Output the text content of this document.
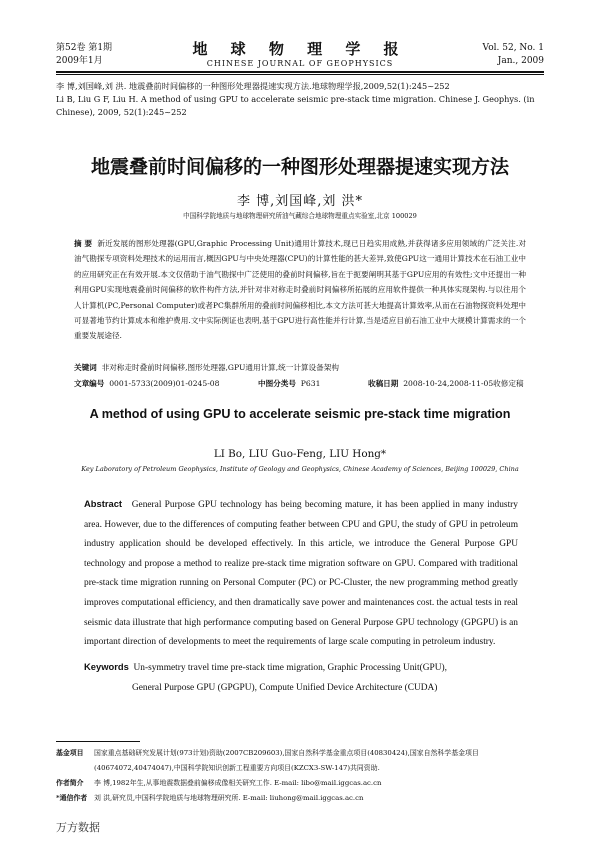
第52卷 第1期
2009年1月
地 球 物 理 学 报
CHINESE JOURNAL OF GEOPHYSICS
Vol. 52, No. 1
Jan., 2009
李 博,刘国峰,刘 洪. 地震叠前时间偏移的一种图形处理器提速实现方法.地球物理学报,2009,52(1):245~252
Li B, Liu G F, Liu H. A method of using GPU to accelerate seismic pre-stack time migration. Chinese J. Geophys. (in
Chinese), 2009, 52(1):245~252
地震叠前时间偏移的一种图形处理器提速实现方法
李 博,刘国峰,刘 洪*
中国科学院地质与地球物理研究所油气藏综合地球物理重点实验室,北京 100029
摘 要 新近发展的图形处理器(GPU,Graphic Processing Unit)通用计算技术,现已日趋实用成熟,并获得诸多应用领域的广泛关注.对油气勘探专项资料处理技术的运用而言,概因GPU与中央处理器(CPU)的计算性能的甚大差异,致使GPU这一通用计算技术在石油工业中的应用研究正在有效开展.本文仅借助于油气勘探中广泛使用的叠前时间偏移,旨在于扼要阐明其基于GPU应用的有效性;文中还提出一种利用GPU实现地震叠前时间偏移的软件构件方法,并针对非对称走时叠前时间偏移所拓展的应用软件提供一种具体实现架构.与以往用个人计算机(PC,Personal Computer)或者PC集群所用的叠前时间偏移相比,本文方法可甚大地提高计算效率,从而在石油物探资料处理中可显著地节约计算成本和维护费用.文中实际例证也表明,基于GPU进行高性能并行计算,当是适应目前石油工业中大规模计算需求的一个重要发展途径.
关键词 非对称走时叠前时间偏移,图形处理器,GPU通用计算,统一计算设备架构
文章编号 0001-5733(2009)01-0245-08	中图分类号 P631	收稿日期 2008-10-24,2008-11-05收修定稿
A method of using GPU to accelerate seismic pre-stack time migration
LI Bo, LIU Guo-Feng, LIU Hong*
Key Laboratory of Petroleum Geophysics, Institute of Geology and Geophysics, Chinese Academy of Sciences, Beijing 100029, China
Abstract General Purpose GPU technology has being becoming mature, it has been applied in many industry area. However, due to the differences of computing feather between CPU and GPU, the study of GPU in petroleum industry application should be developed effectively. In this article, we introduce the General Purpose GPU technology and propose a method to realize pre-stack time migration software on GPU. Compared with traditional pre-stack time migration running on Personal Computer (PC) or PC-Cluster, the new programming method greatly improves computational efficiency, and then dramatically save power and maintenances cost. the actual tests in real seismic data illustrate that high performance computing based on General Purpose GPU technology (GPGPU) is an important direction of developments to meet the requirements of large scale computing in petroleum industry.
Keywords Un-symmetry travel time pre-stack time migration, Graphic Processing Unit(GPU),
General Purpose GPU (GPGPU), Compute Unified Device Architecture (CUDA)
基金项目 国家重点基础研究发展计划(973计划)资助(2007CB209603),国家自然科学基金重点项目(40830424),国家自然科学基金项目(40674072,40474047),中国科学院知识创新工程重要方向项目(KZCX3-SW-147)共同资助.
作者简介 李 博,1982年生,从事地震数据叠前偏移成像相关研究工作. E-mail: libo@mail.iggcas.ac.cn
*通信作者 刘 洪,研究员,中国科学院地质与地球物理研究所. E-mail: liuhong@mail.iggcas.ac.cn
万方数据
